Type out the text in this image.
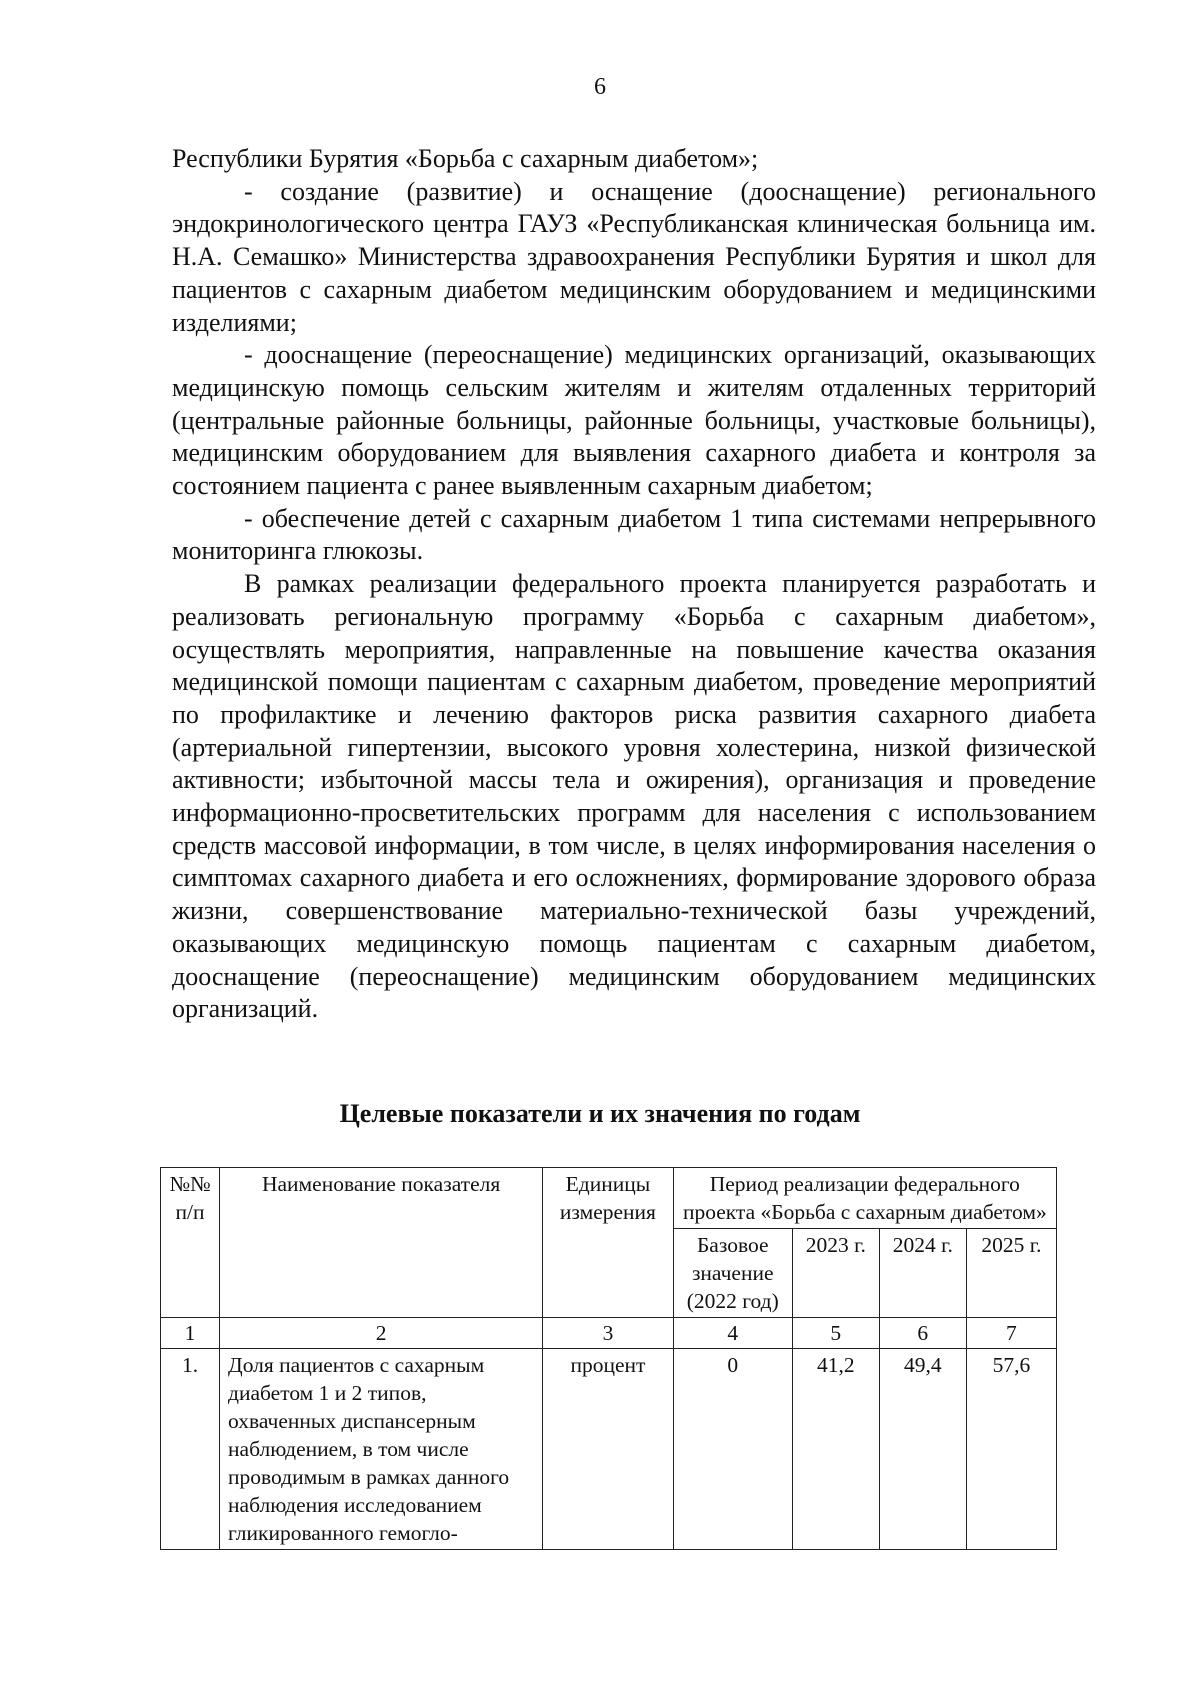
6

Республики Бурятия «Борьба с сахарным диабетом»;

- создание (развитие) и оснащение (дооснащение) регионального эндокринологического центра ГАУЗ «Республиканская клиническая больница им. Н.А. Семашко» Министерства здравоохранения Республики Бурятия и школ для пациентов с сахарным диабетом медицинским оборудованием и медицинскими изделиями;

- дооснащение (переоснащение) медицинских организаций, оказывающих медицинскую помощь сельским жителям и жителям отдаленных территорий (центральные районные больницы, районные больницы, участковые больницы), медицинским оборудованием для выявления сахарного диабета и контроля за состоянием пациента с ранее выявленным сахарным диабетом;

- обеспечение детей с сахарным диабетом 1 типа системами непрерывного мониторинга глюкозы.

В рамках реализации федерального проекта планируется разработать и реализовать региональную программу «Борьба с сахарным диабетом», осуществлять мероприятия, направленные на повышение качества оказания медицинской помощи пациентам с сахарным диабетом, проведение мероприятий по профилактике и лечению факторов риска развития сахарного диабета (артериальной гипертензии, высокого уровня холестерина, низкой физической активности; избыточной массы тела и ожирения), организация и проведение информационно-просветительских программ для населения с использованием средств массовой информации, в том числе, в целях информирования населения о симптомах сахарного диабета и его осложнениях, формирование здорового образа жизни, совершенствование материально-технической базы учреждений, оказывающих медицинскую помощь пациентам с сахарным диабетом, дооснащение (переоснащение) медицинским оборудованием медицинских организаций.

Целевые показатели и их значения по годам
№№ п/п	Наименование показателя	Единицы измерения	Период реализации федерального проекта «Борьба с сахарным диабетом»			
			Базовое значение (2022 год)	2023 г.	2024 г.	2025 г.
1	2	3	4	5	6	7
1.	Доля пациентов с сахарным диабетом 1 и 2 типов, охваченных диспансерным наблюдением, в том числе проводимым в рамках данного наблюдения исследованием гликированного гемогло-	процент	0	41,2	49,4	57,6
